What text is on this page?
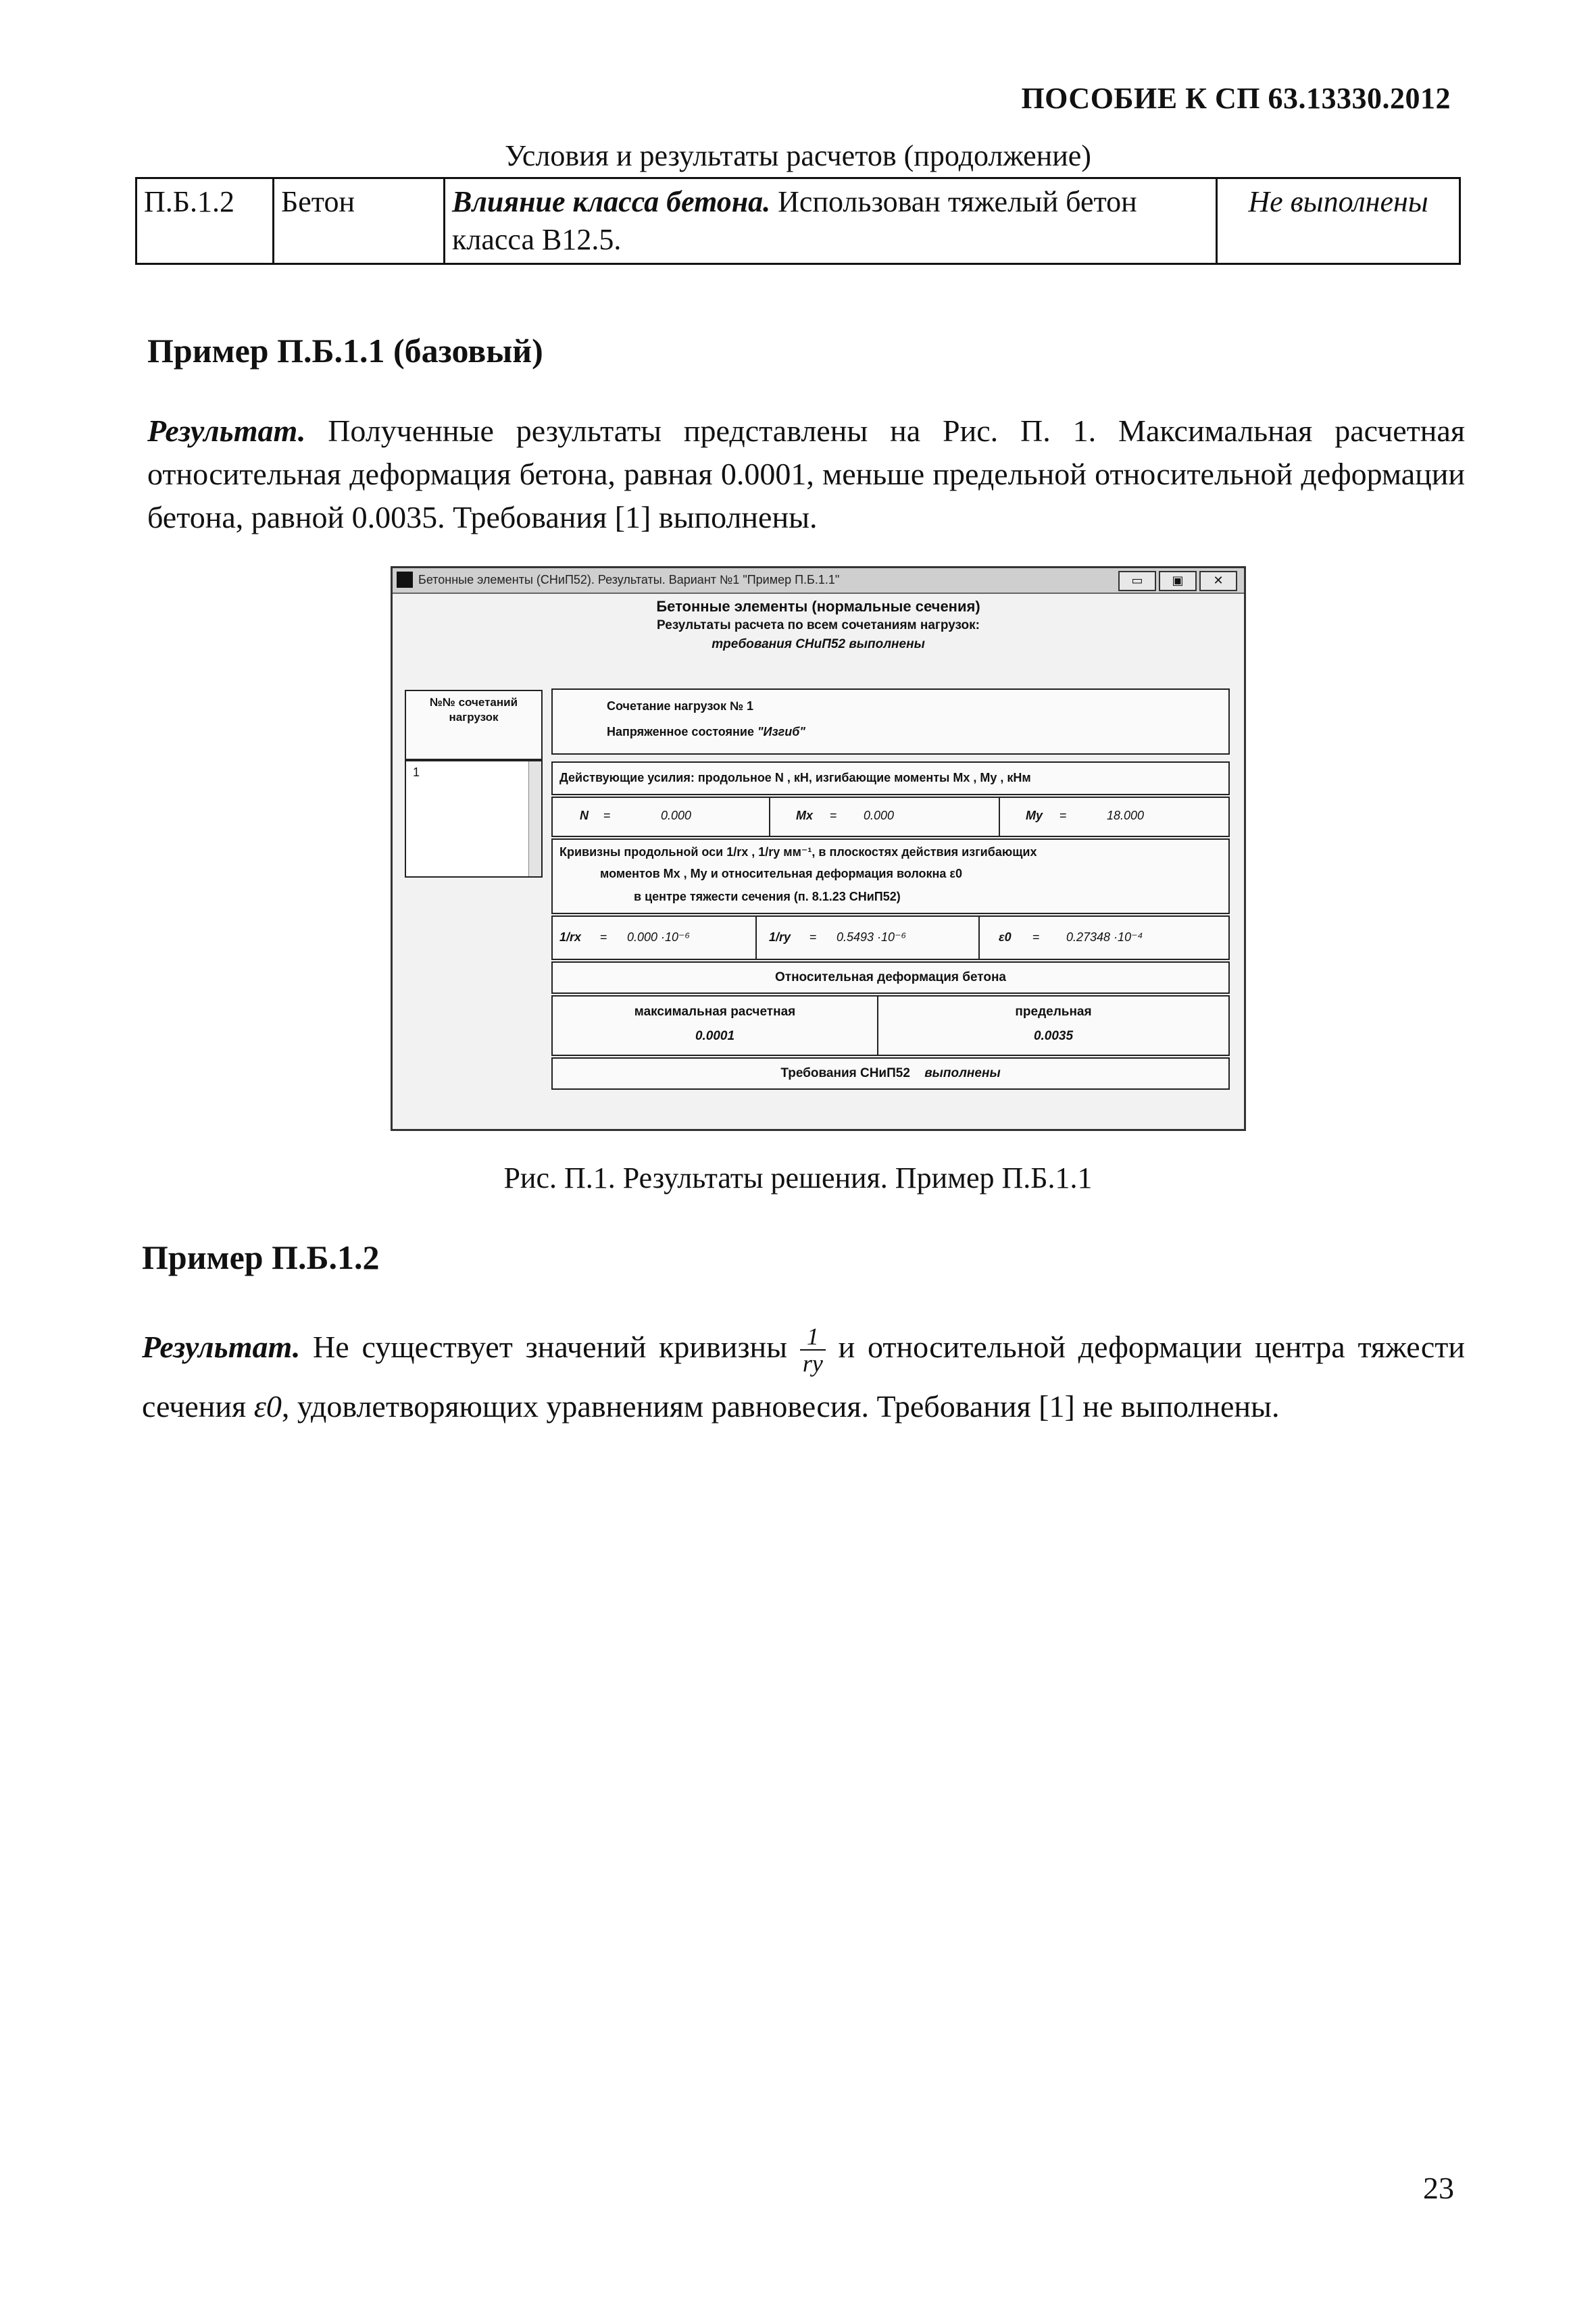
ПОСОБИЕ К СП 63.13330.2012
Условия и результаты расчетов (продолжение)
П.Б.1.2	Бетон	Влияние класса бетона. Использован тяжелый бетон класса В12.5.	Не выполнены
Пример П.Б.1.1 (базовый)
Результат. Полученные результаты представлены на Рис. П. 1. Максимальная расчетная относительная деформация бетона, равная 0.0001, меньше предельной относительной деформации бетона, равной 0.0035. Требования [1] выполнены.
Бетонные элементы (СНиП52). Результаты. Вариант №1 "Пример П.Б.1.1"	▭	▣	✕
Бетонные элементы (нормальные сечения)
Результаты расчета по всем сочетаниям нагрузок:
требования СНиП52 выполнены
№№ сочетаний нагрузок
1
Сочетание нагрузок № 1
Напряженное состояние "Изгиб"
Действующие усилия: продольное N , кН, изгибающие моменты Mx , My , кНм
N =	0.000	Mx = 0.000	My =	18.000
Кривизны продольной оси 1/rx , 1/ry мм⁻¹, в плоскостях действия изгибающих
моментов Mx , My и относительная деформация волокна ε0
в центре тяжести сечения (п. 8.1.23 СНиП52)
1/rx = 0.000 ·10⁻⁶	1/ry = 0.5493 ·10⁻⁶	ε0 = 0.27348 ·10⁻⁴
Относительная деформация бетона
максимальная расчетная
0.0001
предельная
0.0035
Требования СНиП52 выполнены
Рис. П.1. Результаты решения. Пример П.Б.1.1
Пример П.Б.1.2
Результат. Не существует значений кривизны $\frac{1}{ry}$ и относительной деформации центра тяжести сечения ε0, удовлетворяющих уравнениям равновесия. Требования [1] не выполнены.
23
